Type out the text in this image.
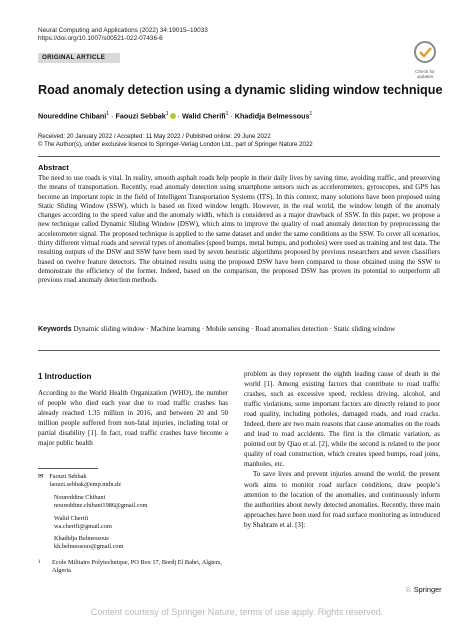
Neural Computing and Applications (2022) 34:19015–19033
https://doi.org/10.1007/s00521-022-07436-6
Check for
updates
ORIGINAL ARTICLE
Road anomaly detection using a dynamic sliding window technique
Noureddine Chibani$^1$ · Faouzi Sebbak$^1$ · Walid Cherifi$^1$ · Khadidja Belmessous$^1$
Received: 20 January 2022 / Accepted: 11 May 2022 / Published online: 29 June 2022
© The Author(s), under exclusive licence to Springer-Verlag London Ltd., part of Springer Nature 2022
Abstract
The need to use roads is vital. In reality, smooth asphalt roads help people in their daily lives by saving time, avoiding traffic, and preserving the means of transportation. Recently, road anomaly detection using smartphone sensors such as accelerometers, gyroscopes, and GPS has become an important topic in the field of Intelligent Transportation Systems (ITS). In this context, many solutions have been proposed using Static Sliding Window (SSW), which is based on fixed window length. However, in the real world, the window length of the anomaly changes according to the speed value and the anomaly width, which is considered as a major drawback of SSW. In this paper, we propose a new technique called Dynamic Sliding Window (DSW), which aims to improve the quality of road anomaly detection by preprocessing the accelerometer signal. The proposed technique is applied to the same dataset and under the same conditions as the SSW. To cover all scenarios, thirty different virtual roads and several types of anomalies (speed bumps, metal bumps, and potholes) were used as training and test data. The resulting outputs of the DSW and SSW have been used by seven heuristic algorithms proposed by previous researchers and seven classifiers based on twelve feature detectors. The obtained results using the proposed DSW have been compared to those obtained using the SSW to demonstrate the efficiency of the former. Indeed, based on the comparison, the proposed DSW has proven its potential to outperform all previous road anomaly detection methods.
Keywords Dynamic sliding window · Machine learning · Mobile sensing · Road anomalies detection · Static sliding window
1 Introduction

According to the World Health Organization (WHO), the number of people who died each year due to road traffic crashes has already reached 1.35 million in 2016, and between 20 and 50 million people suffered from non-fatal injuries, including total or partial disability [1]. In fact, road traffic crashes have become a major public health

✉ Faouzi Sebbak
faouzi.sebbak@emp.mdn.dz
Noureddine Chibani
noureddine.chibani1986@gmail.com
Walid Cherifi
wa.cherifi@gmail.com
Khadidja Belmessous
kh.belmessous@gmail.com
1	Ecole Militaire Polytechnique, PO Box 17, Bordj El Bahri, Algiers, Algeria

problem as they represent the eighth leading cause of death in the world [1]. Among existing factors that contribute to road traffic crashes, such as excessive speed, reckless driving, alcohol, and traffic violations, some important factors are directly related to poor road quality, including potholes, damaged roads, and road cracks. Indeed, there are two main reasons that cause anomalies on the roads and lead to road accidents. The first is the climatic variation, as pointed out by Qiao et al. [2], while the second is related to the poor quality of road construction, which creates speed bumps, road joins, manholes, etc.

To save lives and prevent injuries around the world, the present work aims to monitor road surface conditions, draw people’s attention to the location of the anomalies, and continuously inform the authorities about newly detected anomalies. Recently, three main approaches have been used for road surface monitoring as introduced by Shahram et al. [3]:

♘ Springer
Content courtesy of Springer Nature, terms of use apply. Rights reserved.
